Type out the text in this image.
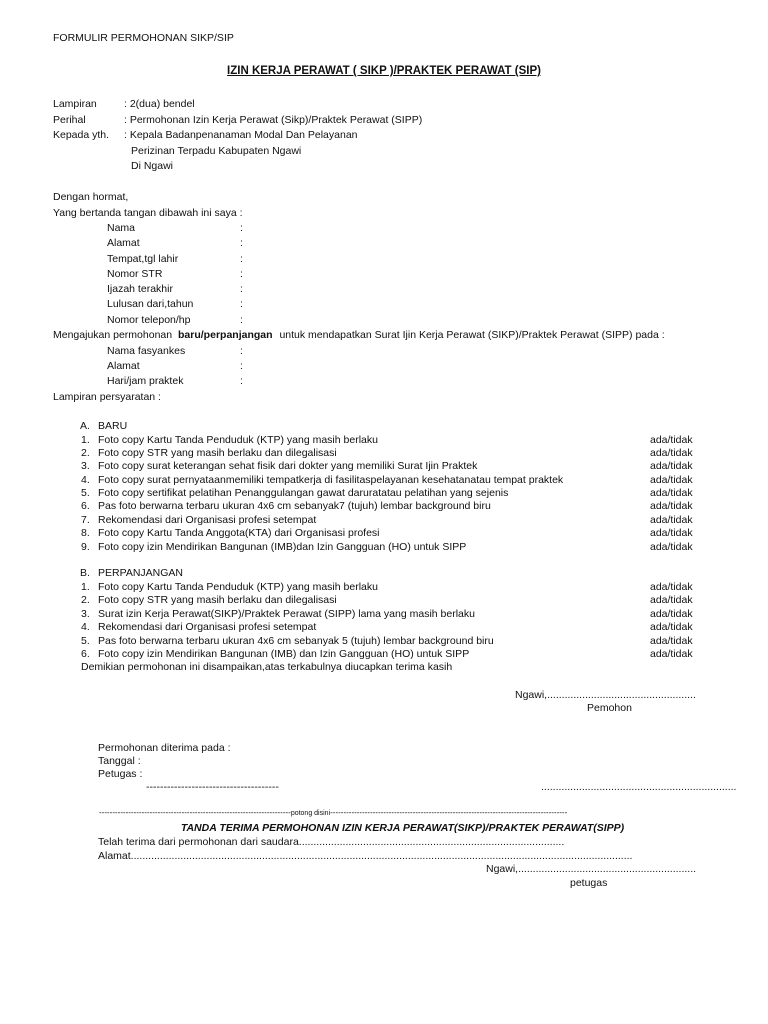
FORMULIR PERMOHONAN SIKP/SIP
IZIN KERJA PERAWAT ( SIKP )/PRAKTEK PERAWAT (SIP)
Lampiran	: 2(dua) bendel
Perihal	: Permohonan Izin Kerja Perawat (Sikp)/Praktek Perawat (SIPP)
Kepada yth. : Kepala Badanpenanaman Modal Dan Pelayanan
Perizinan Terpadu Kabupaten Ngawi
Di Ngawi
Dengan hormat,
Yang bertanda tangan dibawah ini saya :
Nama	:
Alamat	:
Tempat,tgl lahir	:
Nomor STR	:
Ijazah terakhir	:
Lulusan dari,tahun	:
Nomor telepon/hp	:
Mengajukan permohonan baru/perpanjangan untuk mendapatkan Surat Ijin Kerja Perawat (SIKP)/Praktek Perawat (SIPP) pada :
Nama fasyankes	:
Alamat	:
Hari/jam praktek	:
Lampiran persyaratan :
A. BARU
1. Foto copy Kartu Tanda Penduduk (KTP) yang masih berlaku	ada/tidak
2. Foto copy STR yang masih berlaku dan dilegalisasi	ada/tidak
3. Foto copy surat keterangan sehat fisik dari dokter yang memiliki Surat Ijin Praktek	ada/tidak
4. Foto copy surat pernyataanmemiliki tempatkerja di fasilitaspelayanan kesehatanatau tempat praktek	ada/tidak
5. Foto copy sertifikat pelatihan Penanggulangan gawat daruratatau pelatihan yang sejenis	ada/tidak
6. Pas foto berwarna terbaru ukuran 4x6 cm sebanyak7 (tujuh) lembar background biru	ada/tidak
7. Rekomendasi dari Organisasi profesi setempat	ada/tidak
8. Foto copy Kartu Tanda Anggota(KTA) dari Organisasi profesi	ada/tidak
9. Foto copy izin Mendirikan Bangunan (IMB)dan Izin Gangguan (HO) untuk SIPP	ada/tidak
B. PERPANJANGAN
1. Foto copy Kartu Tanda Penduduk (KTP) yang masih berlaku	ada/tidak
2. Foto copy STR yang masih berlaku dan dilegalisasi	ada/tidak
3. Surat izin Kerja Perawat(SIKP)/Praktek Perawat (SIPP) lama yang masih berlaku	ada/tidak
4. Rekomendasi dari Organisasi profesi setempat	ada/tidak
5. Pas foto berwarna terbaru ukuran 4x6 cm sebanyak 5 (tujuh) lembar background biru	ada/tidak
6. Foto copy izin Mendirikan Bangunan (IMB) dan Izin Gangguan (HO) untuk SIPP	ada/tidak
Demikian permohonan ini disampaikan,atas terkabulnya diucapkan terima kasih
Ngawi,...................................................
Pemohon
Permohonan diterima pada :
Tanggal :
Petugas :
--------------------------------------	...................................................................
------------------------------------------------------------------------potong disini-----------------------------------------------------------------------------------------
TANDA TERIMA PERMOHONAN IZIN KERJA PERAWAT(SIKP)/PRAKTEK PERAWAT(SIPP)
Telah terima dari permohonan dari saudara...........................................................................................
Alamat............................................................................................................................................................................
Ngawi,.............................................................
petugas
